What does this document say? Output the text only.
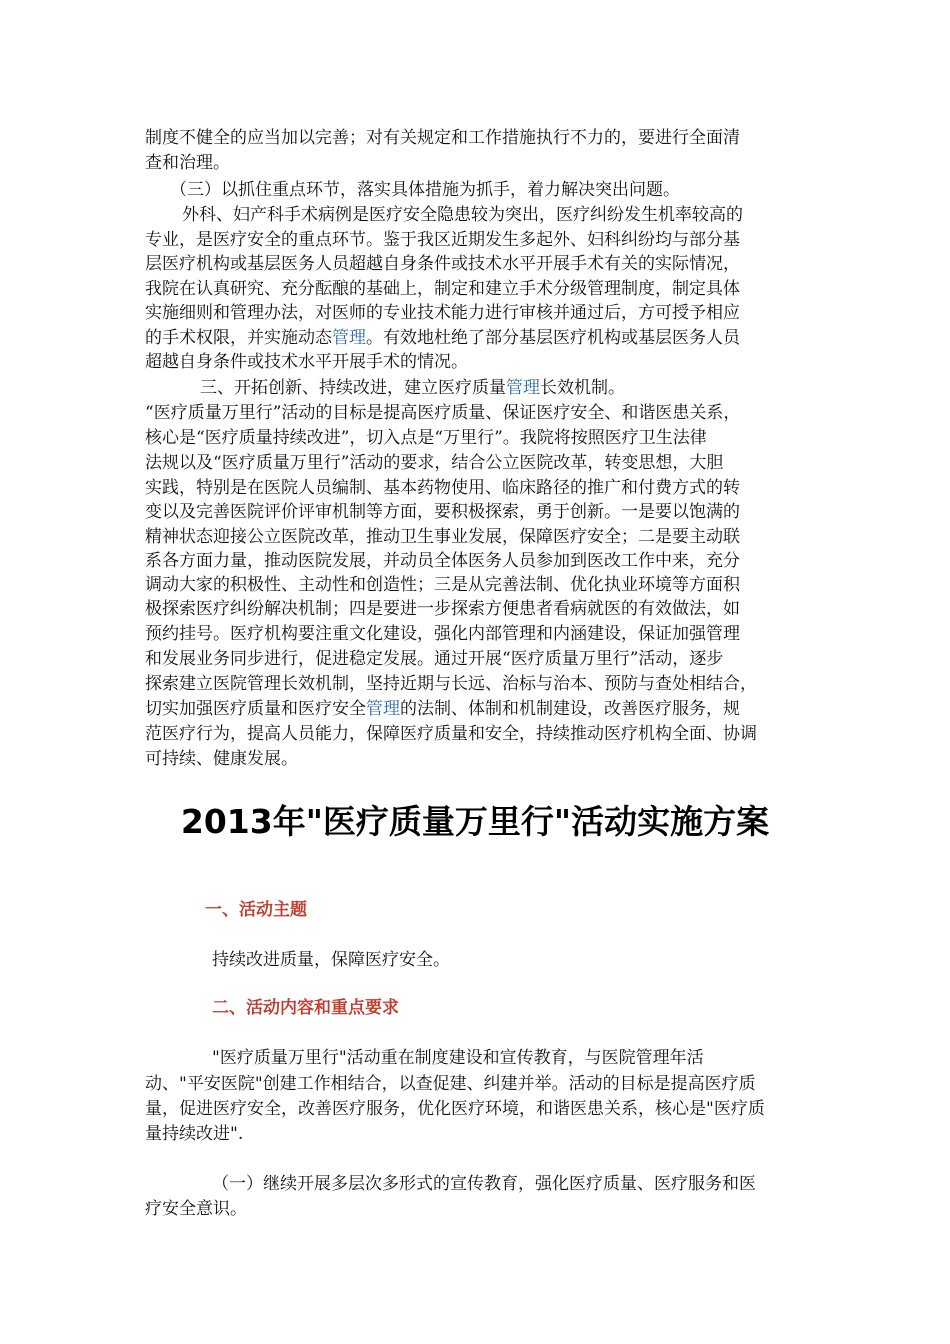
制度不健全的应当加以完善；对有关规定和工作措施执行不力的，要进行全面清
查和治理。
（三）以抓住重点环节，落实具体措施为抓手，着力解决突出问题。
外科、妇产科手术病例是医疗安全隐患较为突出，医疗纠纷发生机率较高的
专业，是医疗安全的重点环节。鉴于我区近期发生多起外、妇科纠纷均与部分基
层医疗机构或基层医务人员超越自身条件或技术水平开展手术有关的实际情况，
我院在认真研究、充分酝酿的基础上，制定和建立手术分级管理制度，制定具体
实施细则和管理办法，对医师的专业技术能力进行审核并通过后，方可授予相应
的手术权限，并实施动态管理。有效地杜绝了部分基层医疗机构或基层医务人员
超越自身条件或技术水平开展手术的情况。
三、开拓创新、持续改进，建立医疗质量管理长效机制。
“医疗质量万里行”活动的目标是提高医疗质量、保证医疗安全、和谐医患关系，
核心是“医疗质量持续改进”，切入点是“万里行”。我院将按照医疗卫生法律
法规以及“医疗质量万里行”活动的要求，结合公立医院改革，转变思想，大胆
实践，特别是在医院人员编制、基本药物使用、临床路径的推广和付费方式的转
变以及完善医院评价评审机制等方面，要积极探索，勇于创新。一是要以饱满的
精神状态迎接公立医院改革，推动卫生事业发展，保障医疗安全；二是要主动联
系各方面力量，推动医院发展，并动员全体医务人员参加到医改工作中来，充分
调动大家的积极性、主动性和创造性；三是从完善法制、优化执业环境等方面积
极探索医疗纠纷解决机制；四是要进一步探索方便患者看病就医的有效做法，如
预约挂号。医疗机构要注重文化建设，强化内部管理和内涵建设，保证加强管理
和发展业务同步进行，促进稳定发展。通过开展“医疗质量万里行”活动，逐步
探索建立医院管理长效机制，坚持近期与长远、治标与治本、预防与查处相结合，
切实加强医疗质量和医疗安全管理的法制、体制和机制建设，改善医疗服务，规
范医疗行为，提高人员能力，保障医疗质量和安全，持续推动医疗机构全面、协调
可持续、健康发展。
2013年"医疗质量万里行"活动实施方案
一、活动主题
持续改进质量，保障医疗安全。
二、活动内容和重点要求
"医疗质量万里行"活动重在制度建设和宣传教育，与医院管理年活
动、"平安医院"创建工作相结合，以查促建、纠建并举。活动的目标是提高医疗质
量，促进医疗安全，改善医疗服务，优化医疗环境，和谐医患关系，核心是"医疗质
量持续改进".
（一）继续开展多层次多形式的宣传教育，强化医疗质量、医疗服务和医
疗安全意识。
